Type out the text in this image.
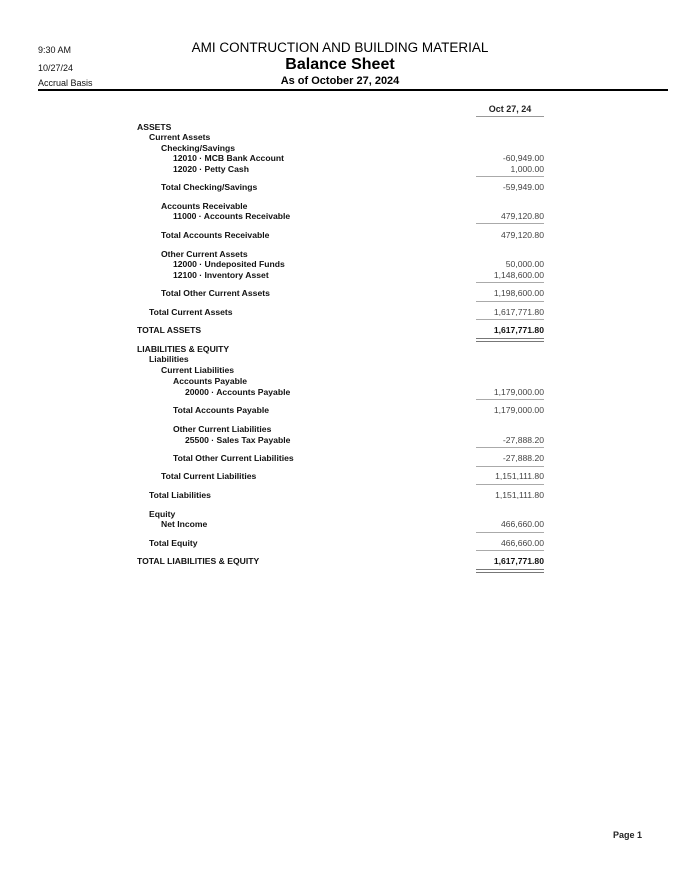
9:30 AM
10/27/24
Accrual Basis
AMI CONTRUCTION AND BUILDING MATERIAL
Balance Sheet
As of October 27, 2024
Oct 27, 24
ASSETS
Current Assets
Checking/Savings
12010 · MCB Bank Account	-60,949.00
12020 · Petty Cash	1,000.00
Total Checking/Savings	-59,949.00
Accounts Receivable
11000 · Accounts Receivable	479,120.80
Total Accounts Receivable	479,120.80
Other Current Assets
12000 · Undeposited Funds	50,000.00
12100 · Inventory Asset	1,148,600.00
Total Other Current Assets	1,198,600.00
Total Current Assets	1,617,771.80
TOTAL ASSETS	1,617,771.80
LIABILITIES & EQUITY
Liabilities
Current Liabilities
Accounts Payable
20000 · Accounts Payable	1,179,000.00
Total Accounts Payable	1,179,000.00
Other Current Liabilities
25500 · Sales Tax Payable	-27,888.20
Total Other Current Liabilities	-27,888.20
Total Current Liabilities	1,151,111.80
Total Liabilities	1,151,111.80
Equity
Net Income	466,660.00
Total Equity	466,660.00
TOTAL LIABILITIES & EQUITY	1,617,771.80
Page 1
